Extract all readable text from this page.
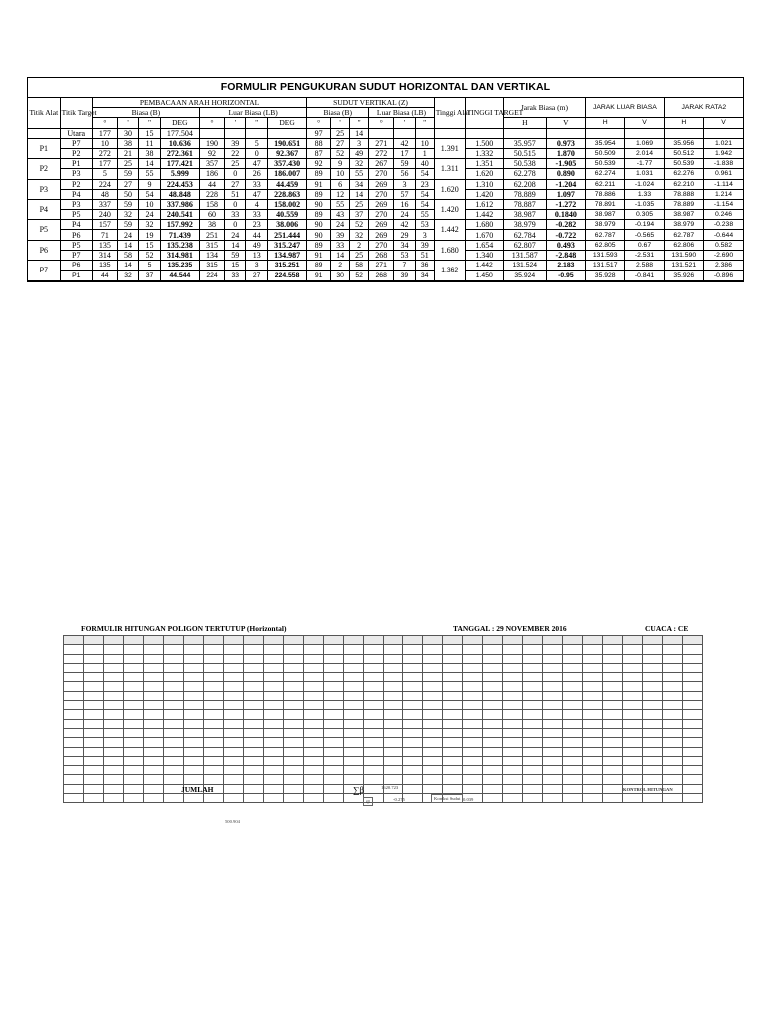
FORMULIR PENGUKURAN SUDUT HORIZONTAL DAN VERTIKAL
Titik Alat	Titik Target	PEMBACAAN ARAH HORIZONTAL								SUDUT VERTIKAL (Z)						Tinggi Alat	TINGGI TARGET	Jarak Biasa (m)		JARAK LUAR BIASA		JARAK RATA2	
		Biasa (B)				Luar Biasa (LB)				Biasa (B)			Luar Biasa (LB)										
		°	'	"	DEG	°	'	"	DEG	°	'	"	°	'	"			H	V	H	V	H	V
	Utara	177	30	15	177.504					97	25	14											
P1	P7	10	38	11	10.636	190	39	5	190.651	88	27	3	271	42	10	1.391	1.500	35.957	0.973	35.954	1.069	35.956	1.021
	P2	272	21	38	272.361	92	22	0	92.367	87	52	49	272	17	1		1.332	50.515	1.870	50.509	2.014	50.512	1.942
P2	P1	177	25	14	177.421	357	25	47	357.430	92	9	32	267	59	40	1.311	1.351	50.538	-1.905	50.539	-1.77	50.539	-1.838
	P3	5	59	55	5.999	186	0	26	186.007	89	10	55	270	56	54		1.620	62.278	0.890	62.274	1.031	62.276	0.961
P3	P2	224	27	9	224.453	44	27	33	44.459	91	6	34	269	3	23	1.620	1.310	62.208	-1.204	62.211	-1.024	62.210	-1.114
	P4	48	50	54	48.848	228	51	47	228.863	89	12	14	270	57	54		1.420	78.889	1.097	78.886	1.33	78.888	1.214
P4	P3	337	59	10	337.986	158	0	4	158.002	90	55	25	269	16	54	1.420	1.612	78.887	-1.272	78.891	-1.035	78.889	-1.154
	P5	240	32	24	240.541	60	33	33	40.559	89	43	37	270	24	55		1.442	38.987	0.1840	38.987	0.305	38.987	0.246
P5	P4	157	59	32	157.992	38	0	23	38.006	90	24	52	269	42	53	1.442	1.680	38.979	-0.282	38.979	-0.194	38.979	-0.238
	P6	71	24	19	71.439	251	24	44	251.444	90	39	32	269	29	3		1.670	62.784	-0.722	62.787	-0.565	62.787	-0.644
P6	P5	135	14	15	135.238	315	14	49	315.247	89	33	2	270	34	39	1.680	1.654	62.807	0.493	62.805	0.67	62.806	0.582
	P7	314	58	52	314.981	134	59	13	134.987	91	14	25	268	53	51		1.340	131.587	-2.848	131.593	-2.531	131.590	-2.690
P7	P6	135	14	5	135.235	315	15	3	315.251	89	2	58	271	7	36	1.362	1.442	131.524	2.183	131.517	2.588	131.521	2.386
	P1	44	32	37	44.544	224	33	27	224.558	91	30	52	268	39	34		1.450	35.924	-0.95	35.928	-0.841	35.926	-0.896
FORMULIR HITUNGAN POLIGON TERTUTUP (Horizontal)	TANGGAL : 29 NOVEMBER 2016	CUACA : CE

JUMLAH	∑β
fβ	-0.275	Koreksi Sudut 0.039
1620.723	KONTROL HITUNGAN
500.904
